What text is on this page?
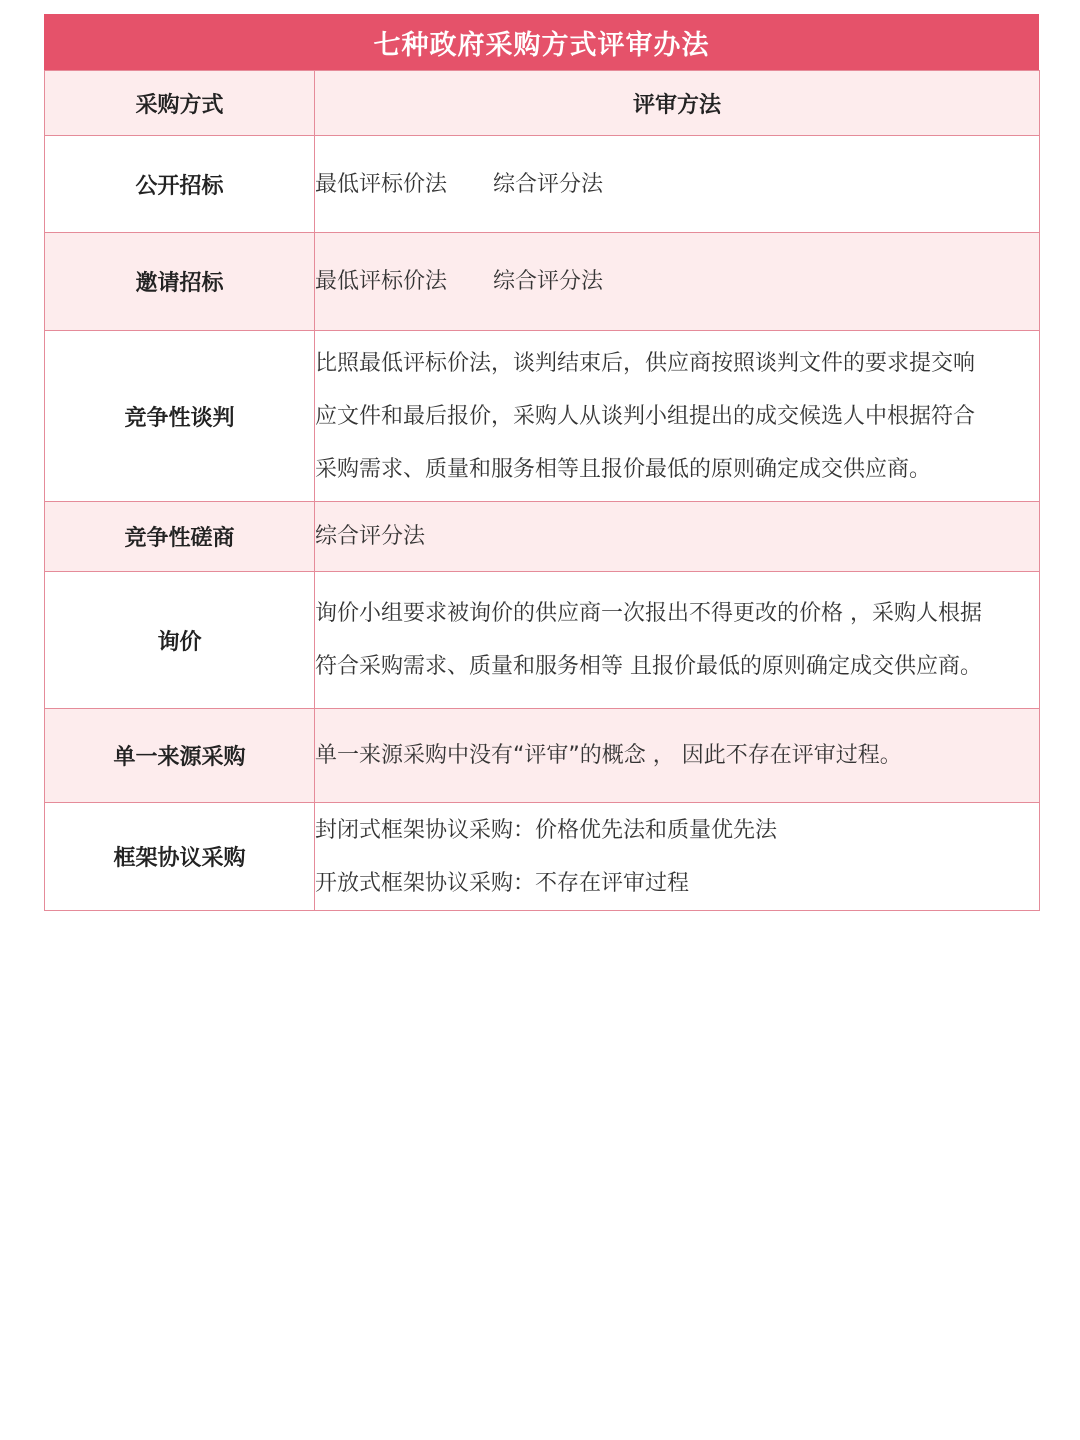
七种政府采购方式评审办法
采购方式	评审方法
公开招标	最低评标价法 综合评分法
邀请招标	最低评标价法 综合评分法
竞争性谈判	比照最低评标价法，谈判结束后，供应商按照谈判文件的要求提交响
应文件和最后报价，采购人从谈判小组提出的成交候选人中根据符合
采购需求、质量和服务相等且报价最低的原则确定成交供应商。

竞争性磋商	综合评分法

询价	询价小组要求被询价的供应商一次报出不得更改的价格 ，采购人根据
符合采购需求、质量和服务相等 且报价最低的原则确定成交供应商。

单一来源采购	单一来源采购中没有“评审”的概念 ， 因此不存在评审过程。

框架协议采购	封闭式框架协议采购：价格优先法和质量优先法
开放式框架协议采购：不存在评审过程
